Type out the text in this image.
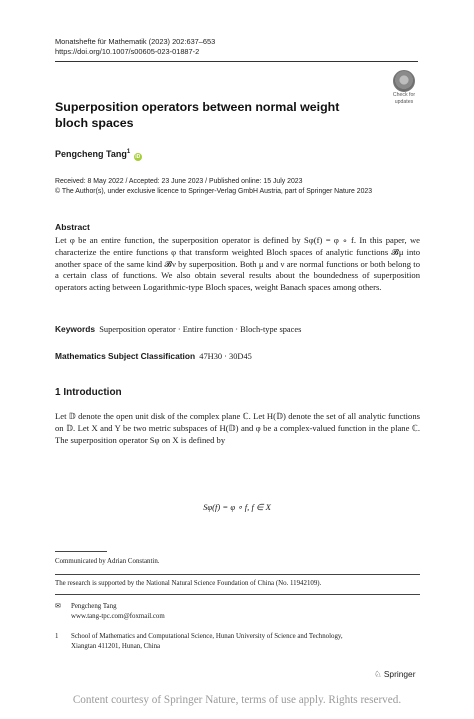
Monatshefte für Mathematik (2023) 202:637–653
https://doi.org/10.1007/s00605-023-01887-2
Check for
updates
Superposition operators between normal weight bloch spaces
Pengcheng Tang$^1$ iD
Received: 8 May 2022 / Accepted: 23 June 2023 / Published online: 15 July 2023
© The Author(s), under exclusive licence to Springer-Verlag GmbH Austria, part of Springer Nature 2023
Abstract
Let φ be an entire function, the superposition operator is defined by Sφ(f) = φ ∘ f. In this paper, we characterize the entire functions φ that transform weighted Bloch spaces of analytic functions 𝓑μ into another space of the same kind 𝓑ν by superposition. Both μ and ν are normal functions or both belong to a certain class of functions. We also obtain several results about the boundedness of superposition operators acting between Logarithmic-type Bloch spaces, weight Banach spaces among others.
Keywords Superposition operator · Entire function · Bloch-type spaces
Mathematics Subject Classification 47H30 · 30D45
1 Introduction
Let 𝔻 denote the open unit disk of the complex plane ℂ. Let H(𝔻) denote the set of all analytic functions on 𝔻. Let X and Y be two metric subspaces of H(𝔻) and φ be a complex-valued function in the plane ℂ. The superposition operator Sφ on X is defined by
Sφ(f) = φ ∘ f, f ∈ X
Communicated by Adrian Constantin.
The research is supported by the National Natural Science Foundation of China (No. 11942109).
✉ Pengcheng Tang
www.tang-tpc.com@foxmail.com
1 School of Mathematics and Computational Science, Hunan University of Science and Technology,
Xiangtan 411201, Hunan, China
♘ Springer
Content courtesy of Springer Nature, terms of use apply. Rights reserved.
